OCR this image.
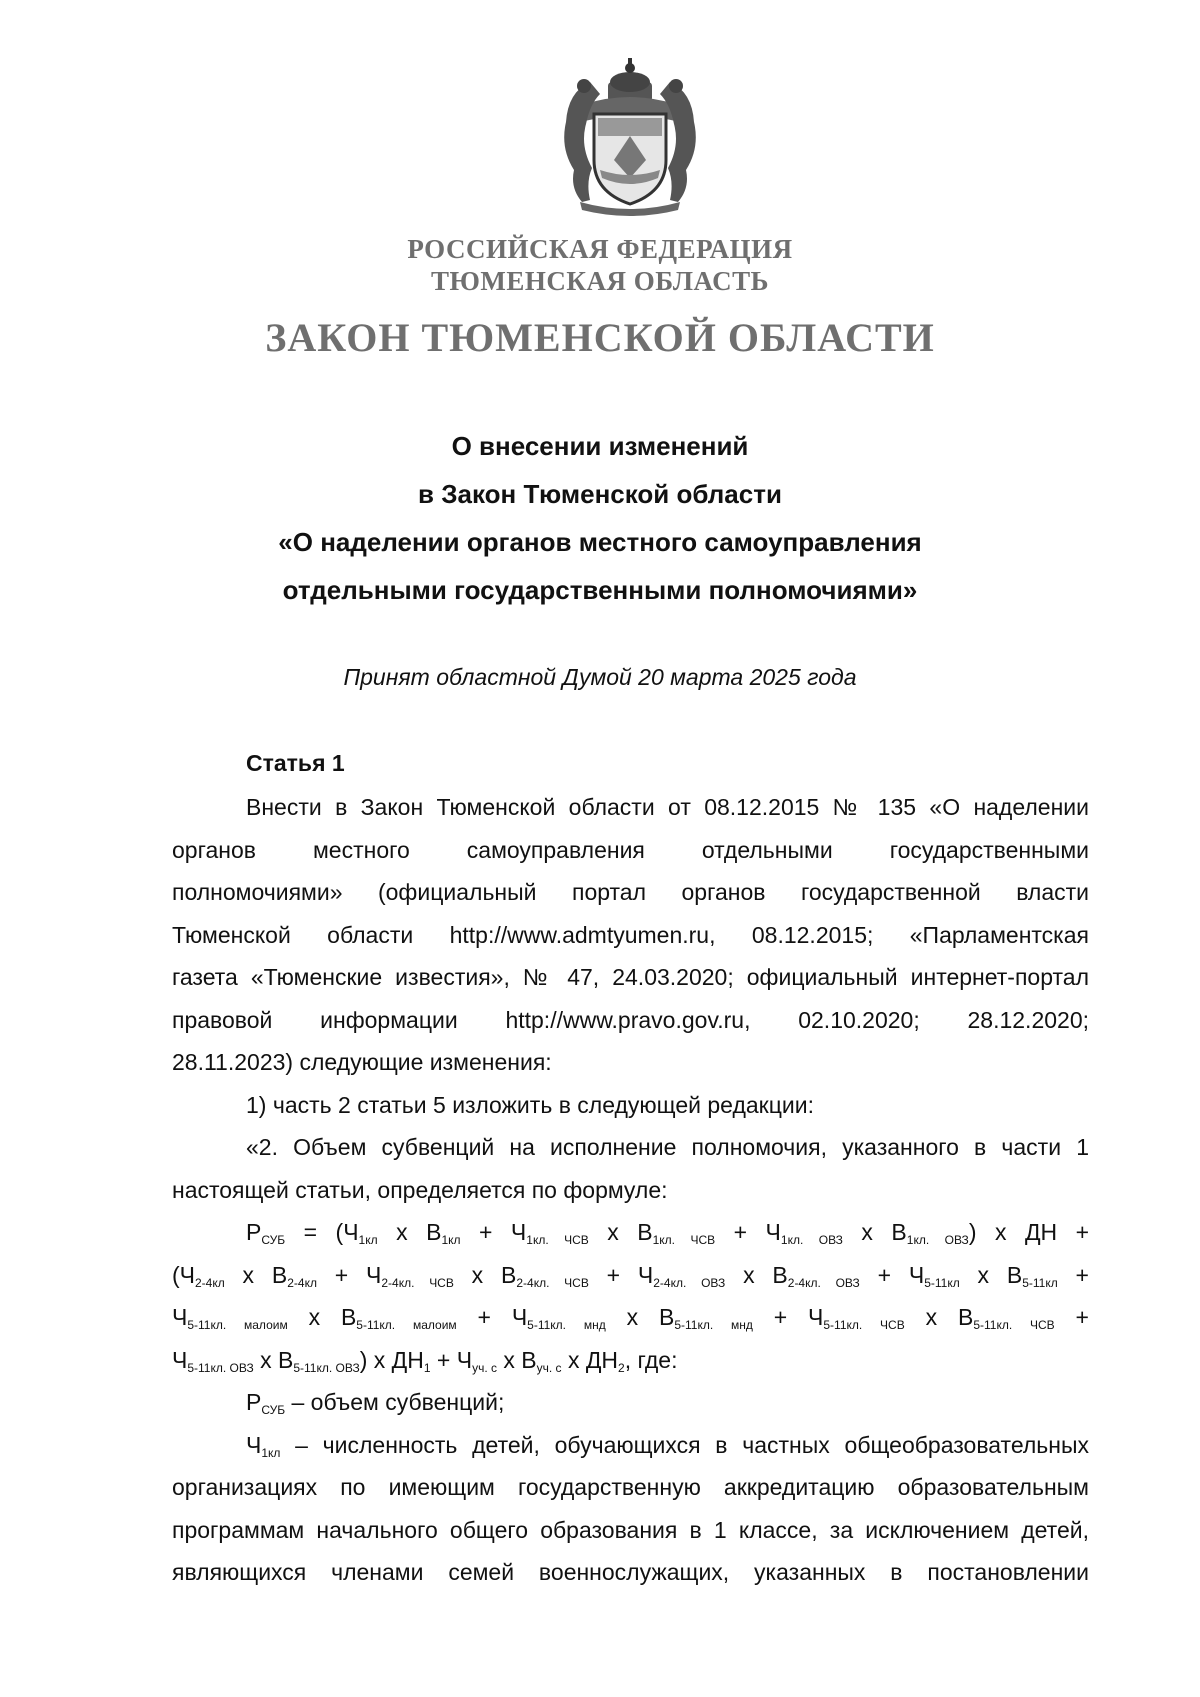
РОССИЙСКАЯ ФЕДЕРАЦИЯ
ТЮМЕНСКАЯ ОБЛАСТЬ
ЗАКОН ТЮМЕНСКОЙ ОБЛАСТИ
О внесении изменений
в Закон Тюменской области
«О наделении органов местного самоуправления
отдельными государственными полномочиями»
Принят областной Думой 20 марта 2025 года
Статья 1
Внести в Закон Тюменской области от 08.12.2015 № 135 «О наделении
органов местного самоуправления отдельными государственными
полномочиями» (официальный портал органов государственной власти
Тюменской области http://www.admtyumen.ru, 08.12.2015; «Парламентская
газета «Тюменские известия», № 47, 24.03.2020; официальный интернет-портал
правовой информации http://www.pravo.gov.ru, 02.10.2020; 28.12.2020;
28.11.2023) следующие изменения:
1) часть 2 статьи 5 изложить в следующей редакции:
«2. Объем субвенций на исполнение полномочия, указанного в части 1
настоящей статьи, определяется по формуле:
$Р_{СУБ} = (Ч_{1кл}$ х $В_{1кл} + Ч_{1кл. ЧСВ}$ х $В_{1кл. ЧСВ} + Ч_{1кл. ОВЗ}$ х $В_{1кл. ОВЗ}$) х ДН +
($Ч_{2-4кл}$ х $В_{2-4кл} + Ч_{2-4кл. ЧСВ}$ х $В_{2-4кл. ЧСВ} + Ч_{2-4кл. ОВЗ}$ х $В_{2-4кл. ОВЗ} + Ч_{5-11кл}$ х $В_{5-11кл}$ +
$Ч_{5-11кл. малоим}$ х $В_{5-11кл. малоим} + Ч_{5-11кл. мнд}$ х $В_{5-11кл. мнд} + Ч_{5-11кл. ЧСВ}$ х $В_{5-11кл. ЧСВ}$ +
$Ч_{5-11кл. ОВЗ}$ х $В_{5-11кл. ОВЗ}$) х $ДН_1 + Ч_{уч. с}$ х $В_{уч. с}$ х $ДН_2$, где:
$Р_{СУБ}$ – объем субвенций;
$Ч_{1кл}$ – численность детей, обучающихся в частных общеобразовательных
организациях по имеющим государственную аккредитацию образовательным
программам начального общего образования в 1 классе, за исключением детей,
являющихся членами семей военнослужащих, указанных в постановлении
